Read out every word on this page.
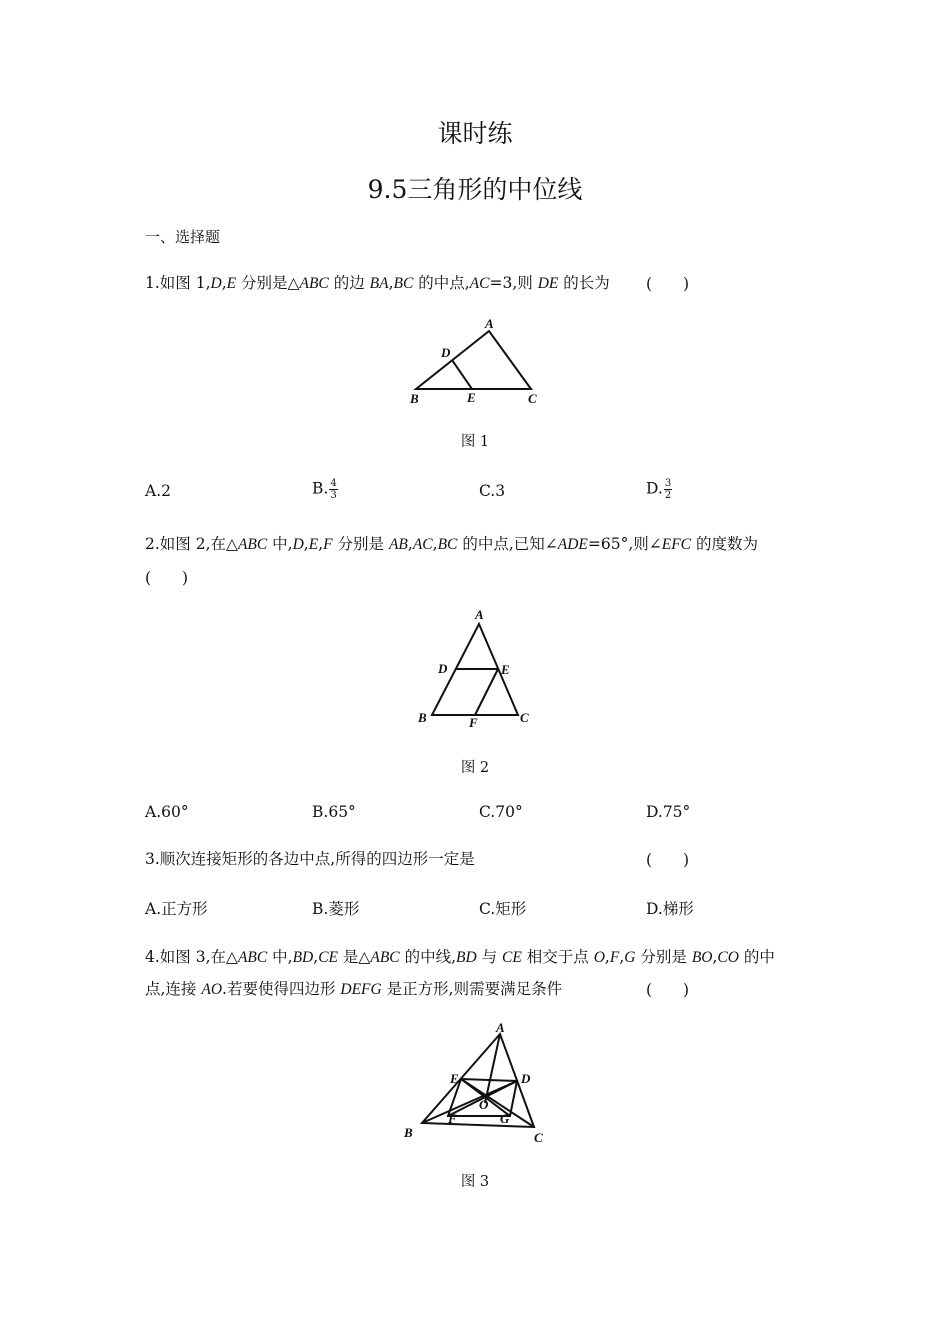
课时练
9.5三角形的中位线
一、选择题
1.如图 1,D,E 分别是△ABC 的边 BA,BC 的中点,AC=3,则 DE 的长为 (　　)
A
D
B	E	C
图 1
A.2	B. $\frac{4}{3}$	C.3	D. $\frac{3}{2}$
2.如图 2,在△ABC 中,D,E,F 分别是 AB,AC,BC 的中点,已知∠ADE=65°,则∠EFC 的度数为
(　　)
A
D	E
B	F	C
图 2
A.60°	B.65°	C.70°	D.75°
3.顺次连接矩形的各边中点,所得的四边形一定是	(　　)
A.正方形	B.菱形	C.矩形	D.梯形
4.如图 3,在△ABC 中,BD,CE 是△ABC 的中线,BD 与 CE 相交于点 O,F,G 分别是 BO,CO 的中
点,连接 AO.若要使得四边形 DEFG 是正方形,则需要满足条件	(　　)
A
E	D
O
F	G
B	C
图 3
